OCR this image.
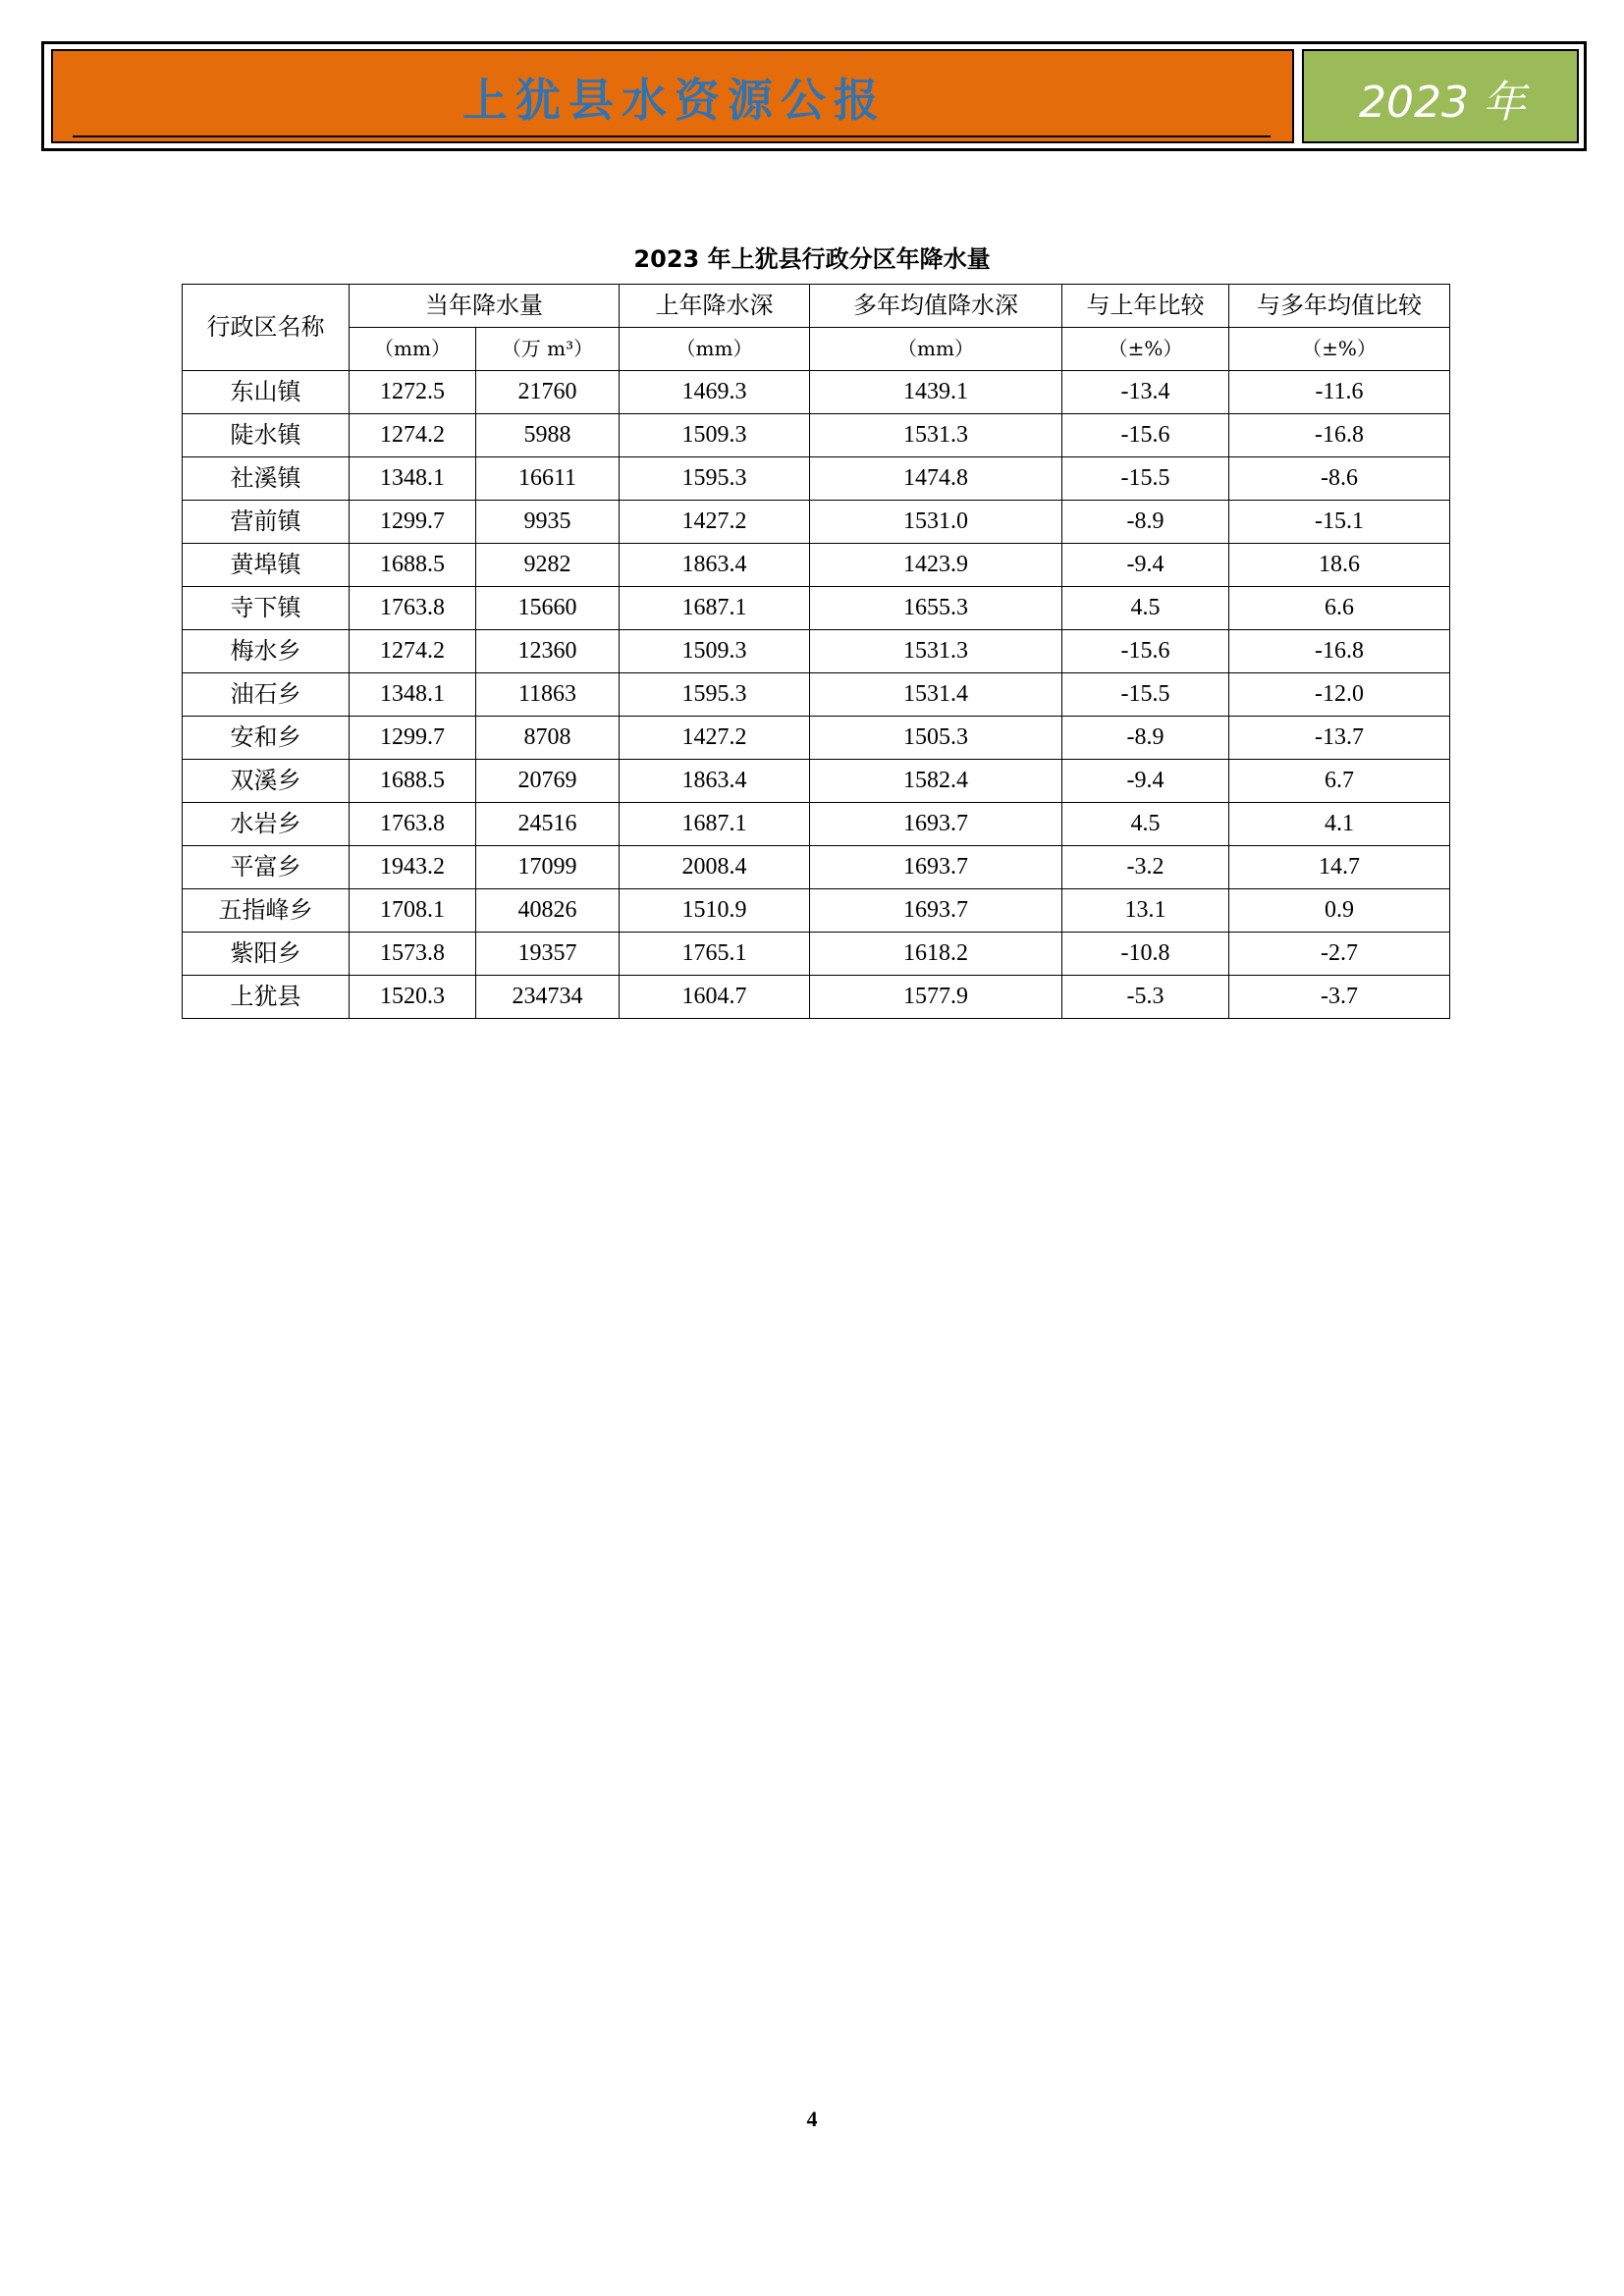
上犹县水资源公报	2023 年
2023 年上犹县行政分区年降水量
行政区名称	当年降水量		上年降水深	多年均值降水深	与上年比较	与多年均值比较
	（mm）	（万 m³）	（mm）	（mm）	（±%）	（±%）
东山镇	1272.5	21760	1469.3	1439.1	-13.4	-11.6
陡水镇	1274.2	5988	1509.3	1531.3	-15.6	-16.8
社溪镇	1348.1	16611	1595.3	1474.8	-15.5	-8.6
营前镇	1299.7	9935	1427.2	1531.0	-8.9	-15.1
黄埠镇	1688.5	9282	1863.4	1423.9	-9.4	18.6
寺下镇	1763.8	15660	1687.1	1655.3	4.5	6.6
梅水乡	1274.2	12360	1509.3	1531.3	-15.6	-16.8
油石乡	1348.1	11863	1595.3	1531.4	-15.5	-12.0
安和乡	1299.7	8708	1427.2	1505.3	-8.9	-13.7
双溪乡	1688.5	20769	1863.4	1582.4	-9.4	6.7
水岩乡	1763.8	24516	1687.1	1693.7	4.5	4.1
平富乡	1943.2	17099	2008.4	1693.7	-3.2	14.7
五指峰乡	1708.1	40826	1510.9	1693.7	13.1	0.9
紫阳乡	1573.8	19357	1765.1	1618.2	-10.8	-2.7
上犹县	1520.3	234734	1604.7	1577.9	-5.3	-3.7
4
